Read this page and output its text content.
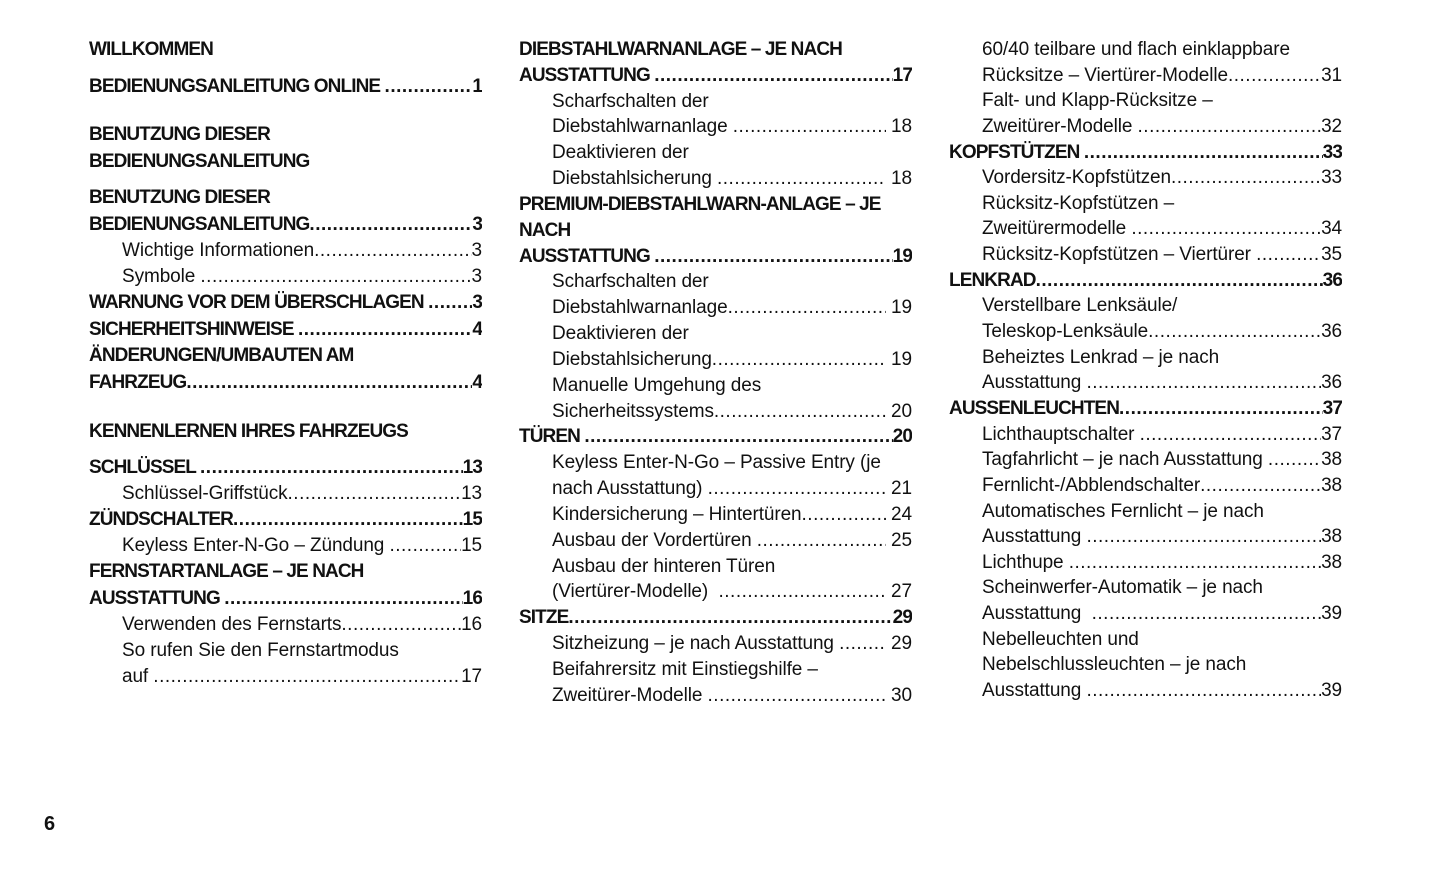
WILLKOMMEN
BEDIENUNGSANLEITUNG ONLINE .....	1
BENUTZUNG DIESER
BEDIENUNGSANLEITUNG
BENUTZUNG DIESER
BEDIENUNGSANLEITUNG .....	3
Wichtige Informationen .....	3
Symbole .....	3
WARNUNG VOR DEM ÜBERSCHLAGEN ..... 3
SICHERHEITSHINWEISE .....	4
ÄNDERUNGEN/UMBAUTEN AM
FAHRZEUG .....	4
KENNENLERNEN IHRES FAHRZEUGS
SCHLÜSSEL .....	13
Schlüssel-Griffstück .....	13
ZÜNDSCHALTER .....	15
Keyless Enter-N-Go – Zündung .....	15
FERNSTARTANLAGE – JE NACH
AUSSTATTUNG .....	16
Verwenden des Fernstarts .....	16
So rufen Sie den Fernstartmodus
auf .....	17
DIEBSTAHLWARNANLAGE – JE NACH
AUSSTATTUNG .....	17
Scharfschalten der
Diebstahlwarnanlage .....	18
Deaktivieren der
Diebstahlsicherung .....	18
PREMIUM-DIEBSTAHLWARN-ANLAGE – JE
NACH
AUSSTATTUNG .....	19
Scharfschalten der
Diebstahlwarnanlage .....	19
Deaktivieren der
Diebstahlsicherung .....	19
Manuelle Umgehung des
Sicherheitssystems .....	20
TÜREN .....	20
Keyless Enter-N-Go – Passive Entry (je
nach Ausstattung) .....	21
Kindersicherung – Hintertüren .....	24
Ausbau der Vordertüren .....	25
Ausbau der hinteren Türen
(Viertürer-Modelle) .....	27
SITZE .....	29
Sitzheizung – je nach Ausstattung ..... 29
Beifahrersitz mit Einstiegshilfe –
Zweitürer-Modelle .....	30
60/40 teilbare und flach einklappbare
Rücksitze – Viertürer-Modelle .....	31
Falt- und Klapp-Rücksitze –
Zweitürer-Modelle .....	32
KOPFSTÜTZEN .....	33
Vordersitz-Kopfstützen .....	33
Rücksitz-Kopfstützen –
Zweitürermodelle .....	34
Rücksitz-Kopfstützen – Viertürer .....	35
LENKRAD .....	36
Verstellbare Lenksäule/
Teleskop-Lenksäule .....	36
Beheiztes Lenkrad – je nach
Ausstattung .....	36
AUSSENLEUCHTEN .....	37
Lichthauptschalter .....	37
Tagfahrlicht – je nach Ausstattung .....	38
Fernlicht-/Abblendschalter .....	38
Automatisches Fernlicht – je nach
Ausstattung .....	38
Lichthupe .....	38
Scheinwerfer-Automatik – je nach
Ausstattung .....	39
Nebelleuchten und
Nebelschlussleuchten – je nach
Ausstattung .....	39
6
